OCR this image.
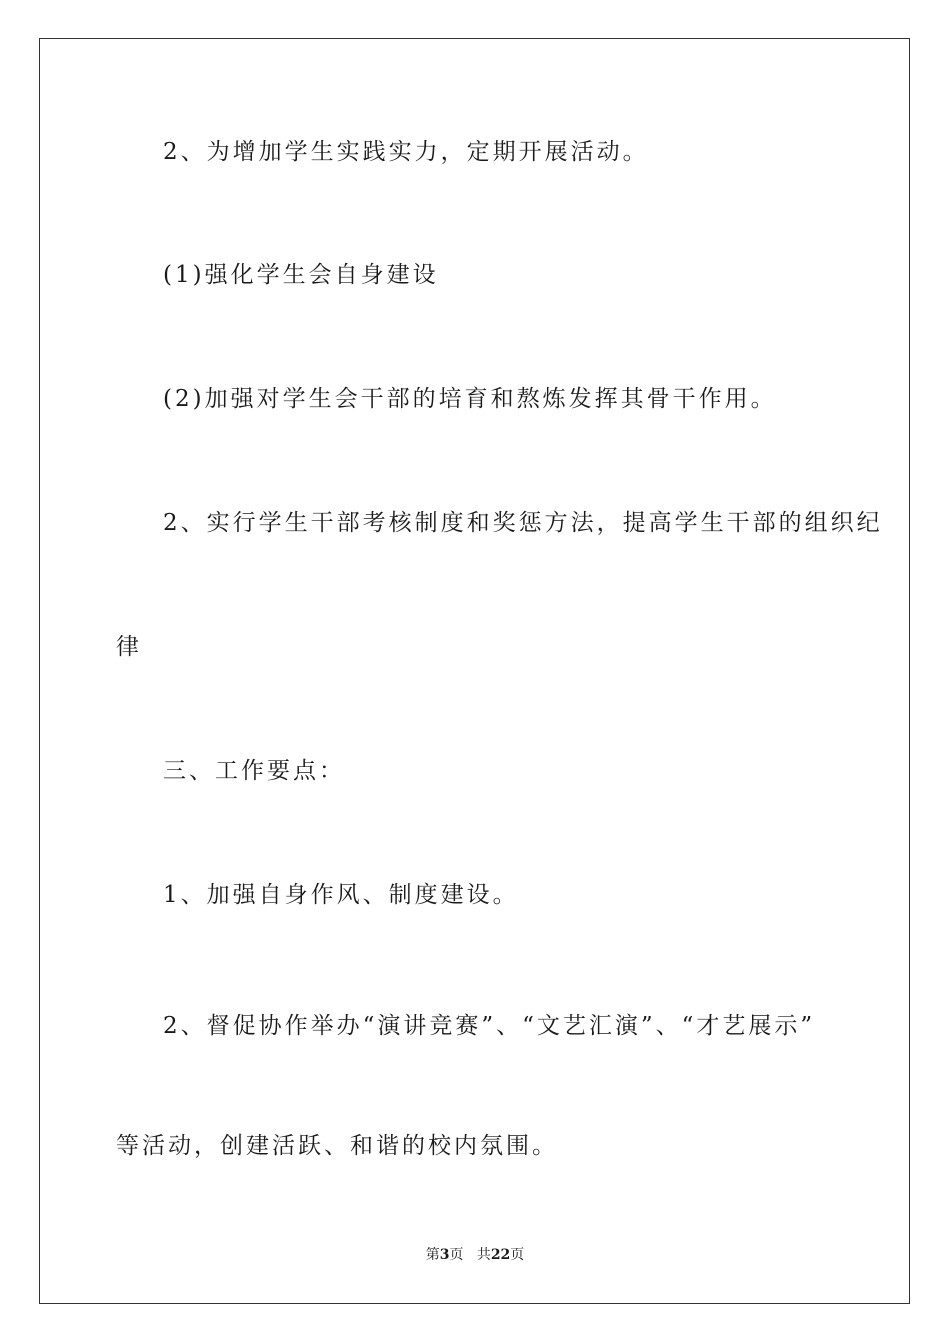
2、为增加学生实践实力，定期开展活动。
(1)强化学生会自身建设
(2)加强对学生会干部的培育和熬炼发挥其骨干作用。
2、实行学生干部考核制度和奖惩方法，提高学生干部的组织纪
律
三、工作要点：
1、加强自身作风、制度建设。
2、督促协作举办“演讲竞赛”、“文艺汇演”、“才艺展示”
等活动，创建活跃、和谐的校内氛围。
第3页 共22页
